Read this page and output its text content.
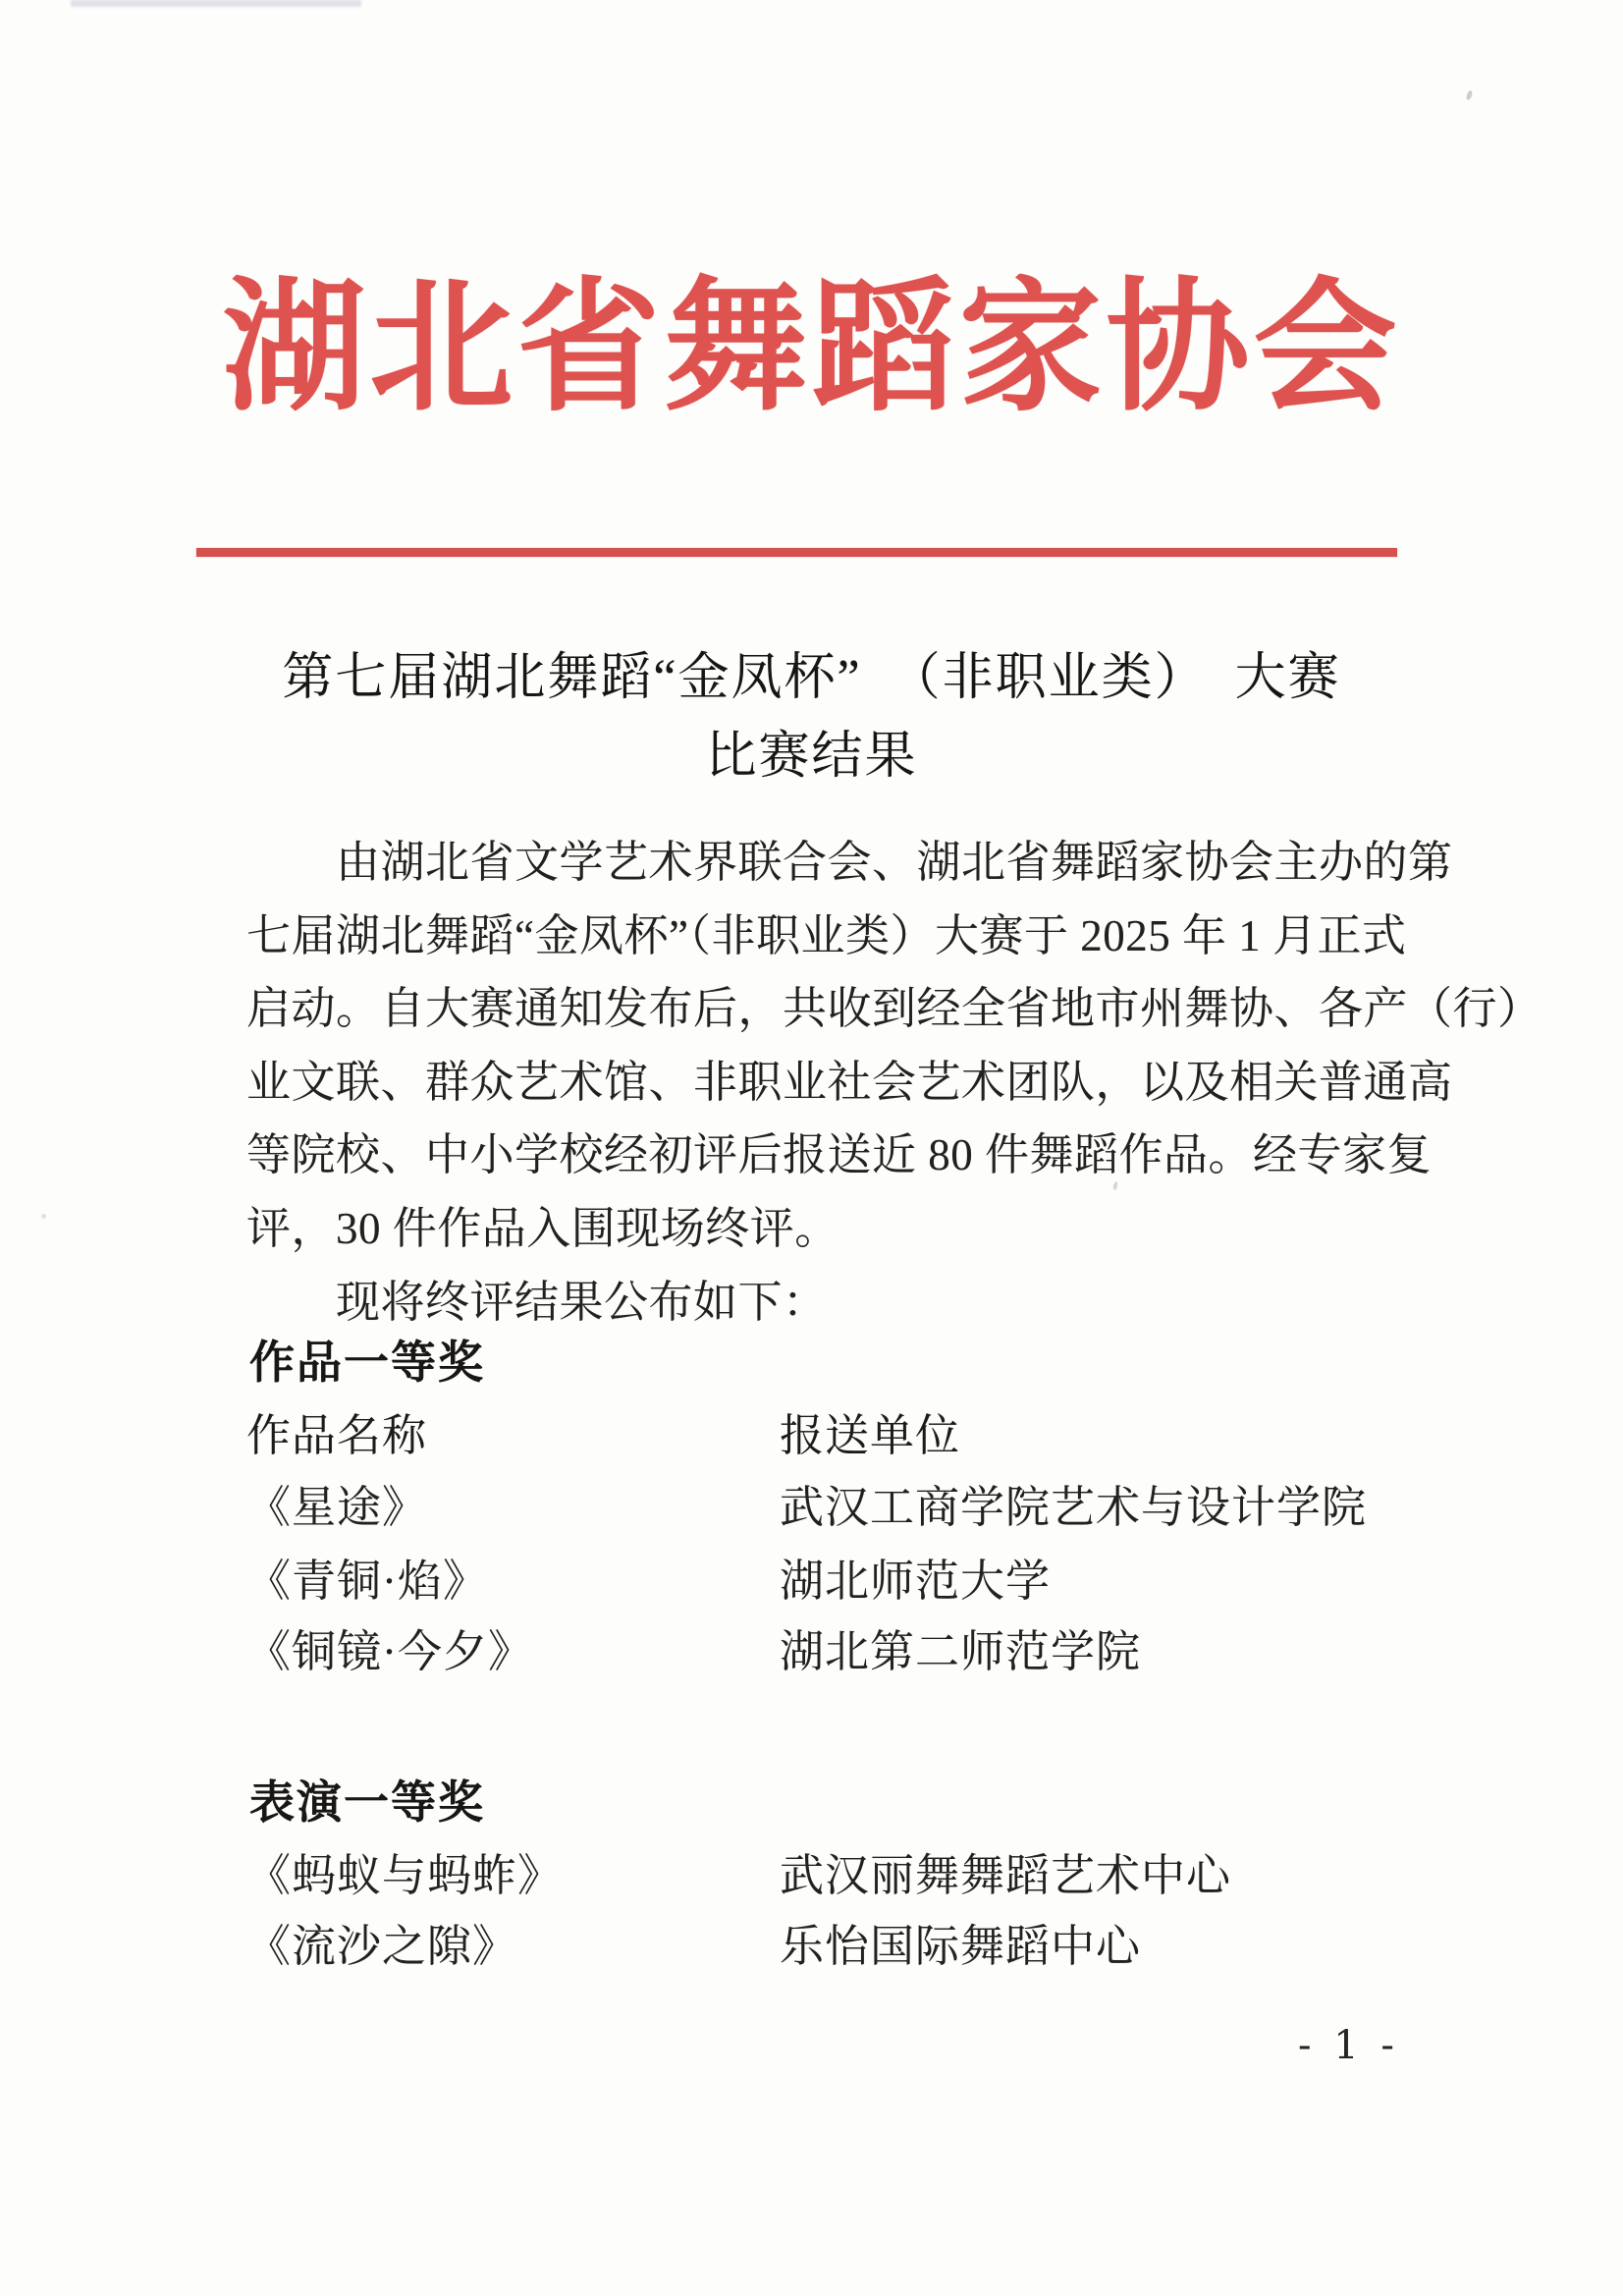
湖北省舞蹈家协会
第七届湖北舞蹈“金凤杯”　（非职业类）　大赛
比赛结果
　　由湖北省文学艺术界联合会、湖北省舞蹈家协会主办的第
七届湖北舞蹈“金凤杯”（非职业类）大赛于 2025 年 1 月正式
启动。自大赛通知发布后，共收到经全省地市州舞协、各产（行）
业文联、群众艺术馆、非职业社会艺术团队，以及相关普通高
等院校、中小学校经初评后报送近 80 件舞蹈作品。经专家复
评，30 件作品入围现场终评。
　　现将终评结果公布如下：
作品一等奖
作品名称	报送单位
《星途》	武汉工商学院艺术与设计学院
《青铜·焰》	湖北师范大学
《铜镜·今夕》	湖北第二师范学院
表演一等奖
《蚂蚁与蚂蚱》	武汉丽舞舞蹈艺术中心
《流沙之隙》	乐怡国际舞蹈中心
- 1 -
